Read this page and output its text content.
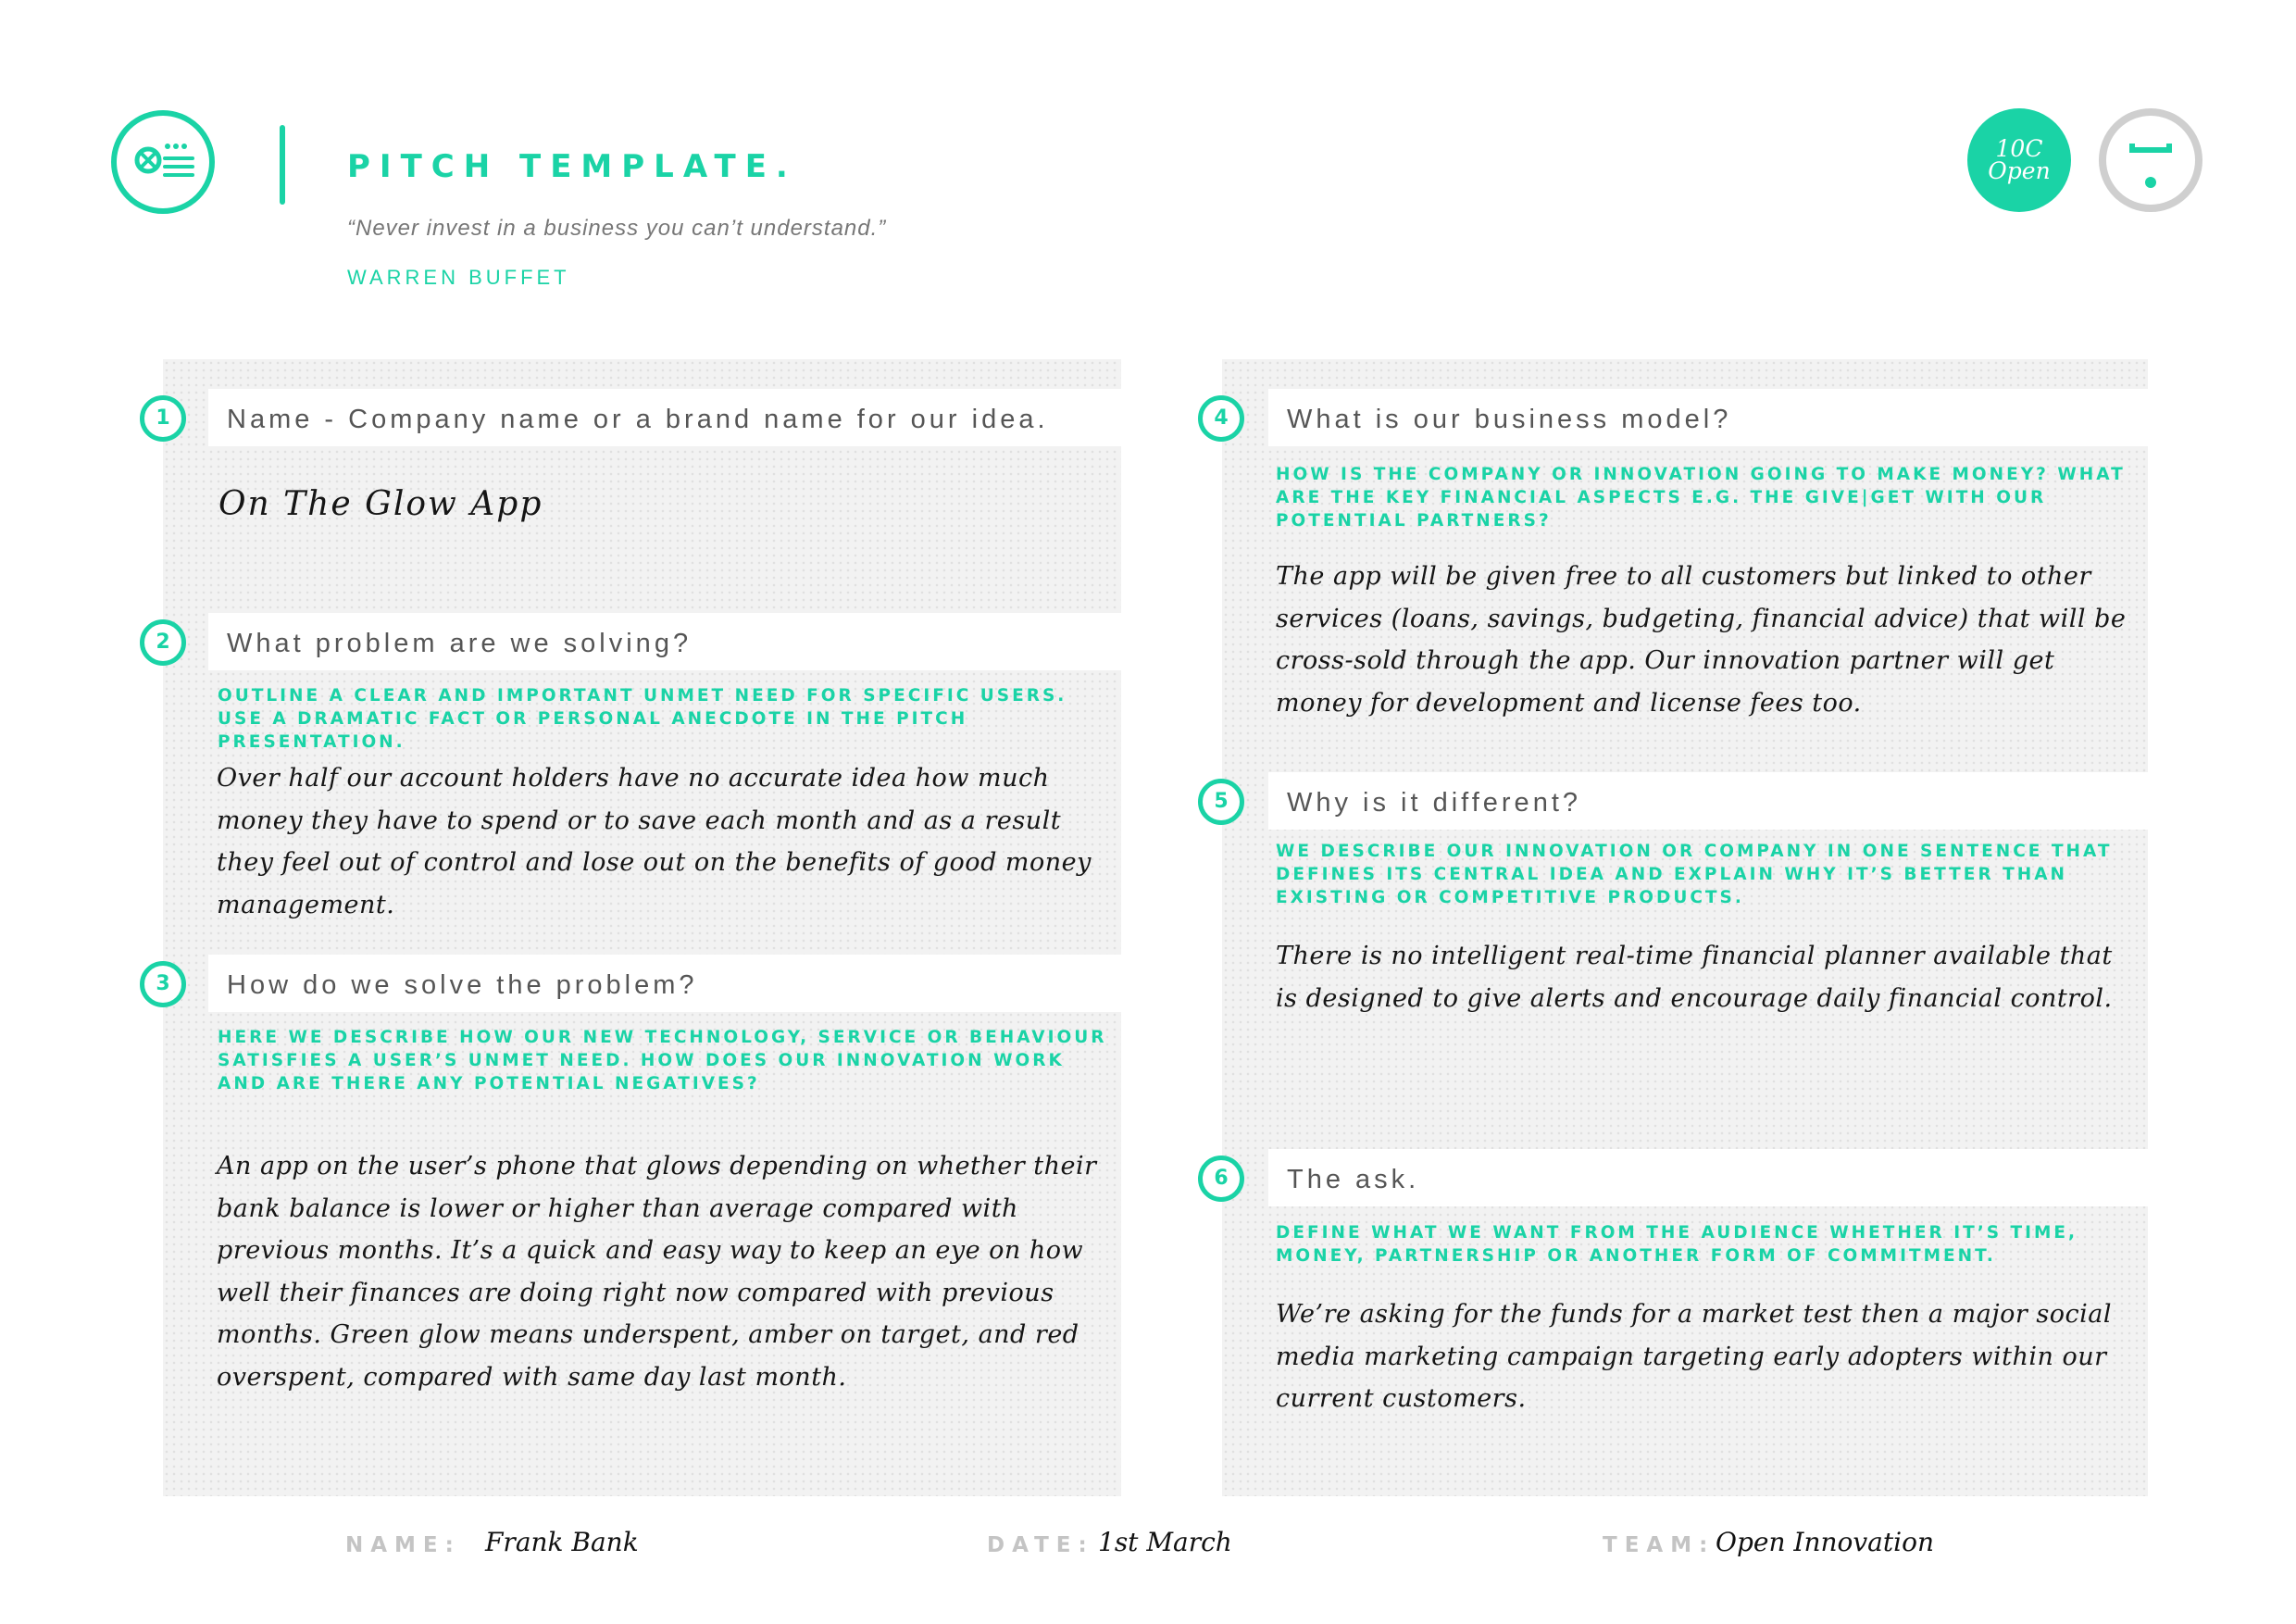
PITCH TEMPLATE.
“Never invest in a business you can’t understand.”
WARREN BUFFET
10C Open
1	Name - Company name or a brand name for our idea.
On The Glow App
2	What problem are we solving?
OUTLINE A CLEAR AND IMPORTANT UNMET NEED FOR SPECIFIC USERS. USE A DRAMATIC FACT OR PERSONAL ANECDOTE IN THE PITCH PRESENTATION.
Over half our account holders have no accurate idea how much money they have to spend or to save each month and as a result they feel out of control and lose out on the benefits of good money management.
3	How do we solve the problem?
HERE WE DESCRIBE HOW OUR NEW TECHNOLOGY, SERVICE OR BEHAVIOUR SATISFIES A USER’S UNMET NEED. HOW DOES OUR INNOVATION WORK AND ARE THERE ANY POTENTIAL NEGATIVES?
An app on the user’s phone that glows depending on whether their bank balance is lower or higher than average compared with previous months. It’s a quick and easy way to keep an eye on how well their finances are doing right now compared with previous months. Green glow means underspent, amber on target, and red overspent, compared with same day last month.
4	What is our business model?
HOW IS THE COMPANY OR INNOVATION GOING TO MAKE MONEY? WHAT ARE THE KEY FINANCIAL ASPECTS E.G. THE GIVE|GET WITH OUR POTENTIAL PARTNERS?
The app will be given free to all customers but linked to other services (loans, savings, budgeting, financial advice) that will be cross-sold through the app. Our innovation partner will get money for development and license fees too.
5	Why is it different?
WE DESCRIBE OUR INNOVATION OR COMPANY IN ONE SENTENCE THAT DEFINES ITS CENTRAL IDEA AND EXPLAIN WHY IT’S BETTER THAN EXISTING OR COMPETITIVE PRODUCTS.
There is no intelligent real-time financial planner available that is designed to give alerts and encourage daily financial control.
6	The ask.
DEFINE WHAT WE WANT FROM THE AUDIENCE WHETHER IT’S TIME, MONEY, PARTNERSHIP OR ANOTHER FORM OF COMMITMENT.
We’re asking for the funds for a market test then a major social media marketing campaign targeting early adopters within our current customers.
NAME: Frank Bank	DATE: 1st March	TEAM: Open Innovation
